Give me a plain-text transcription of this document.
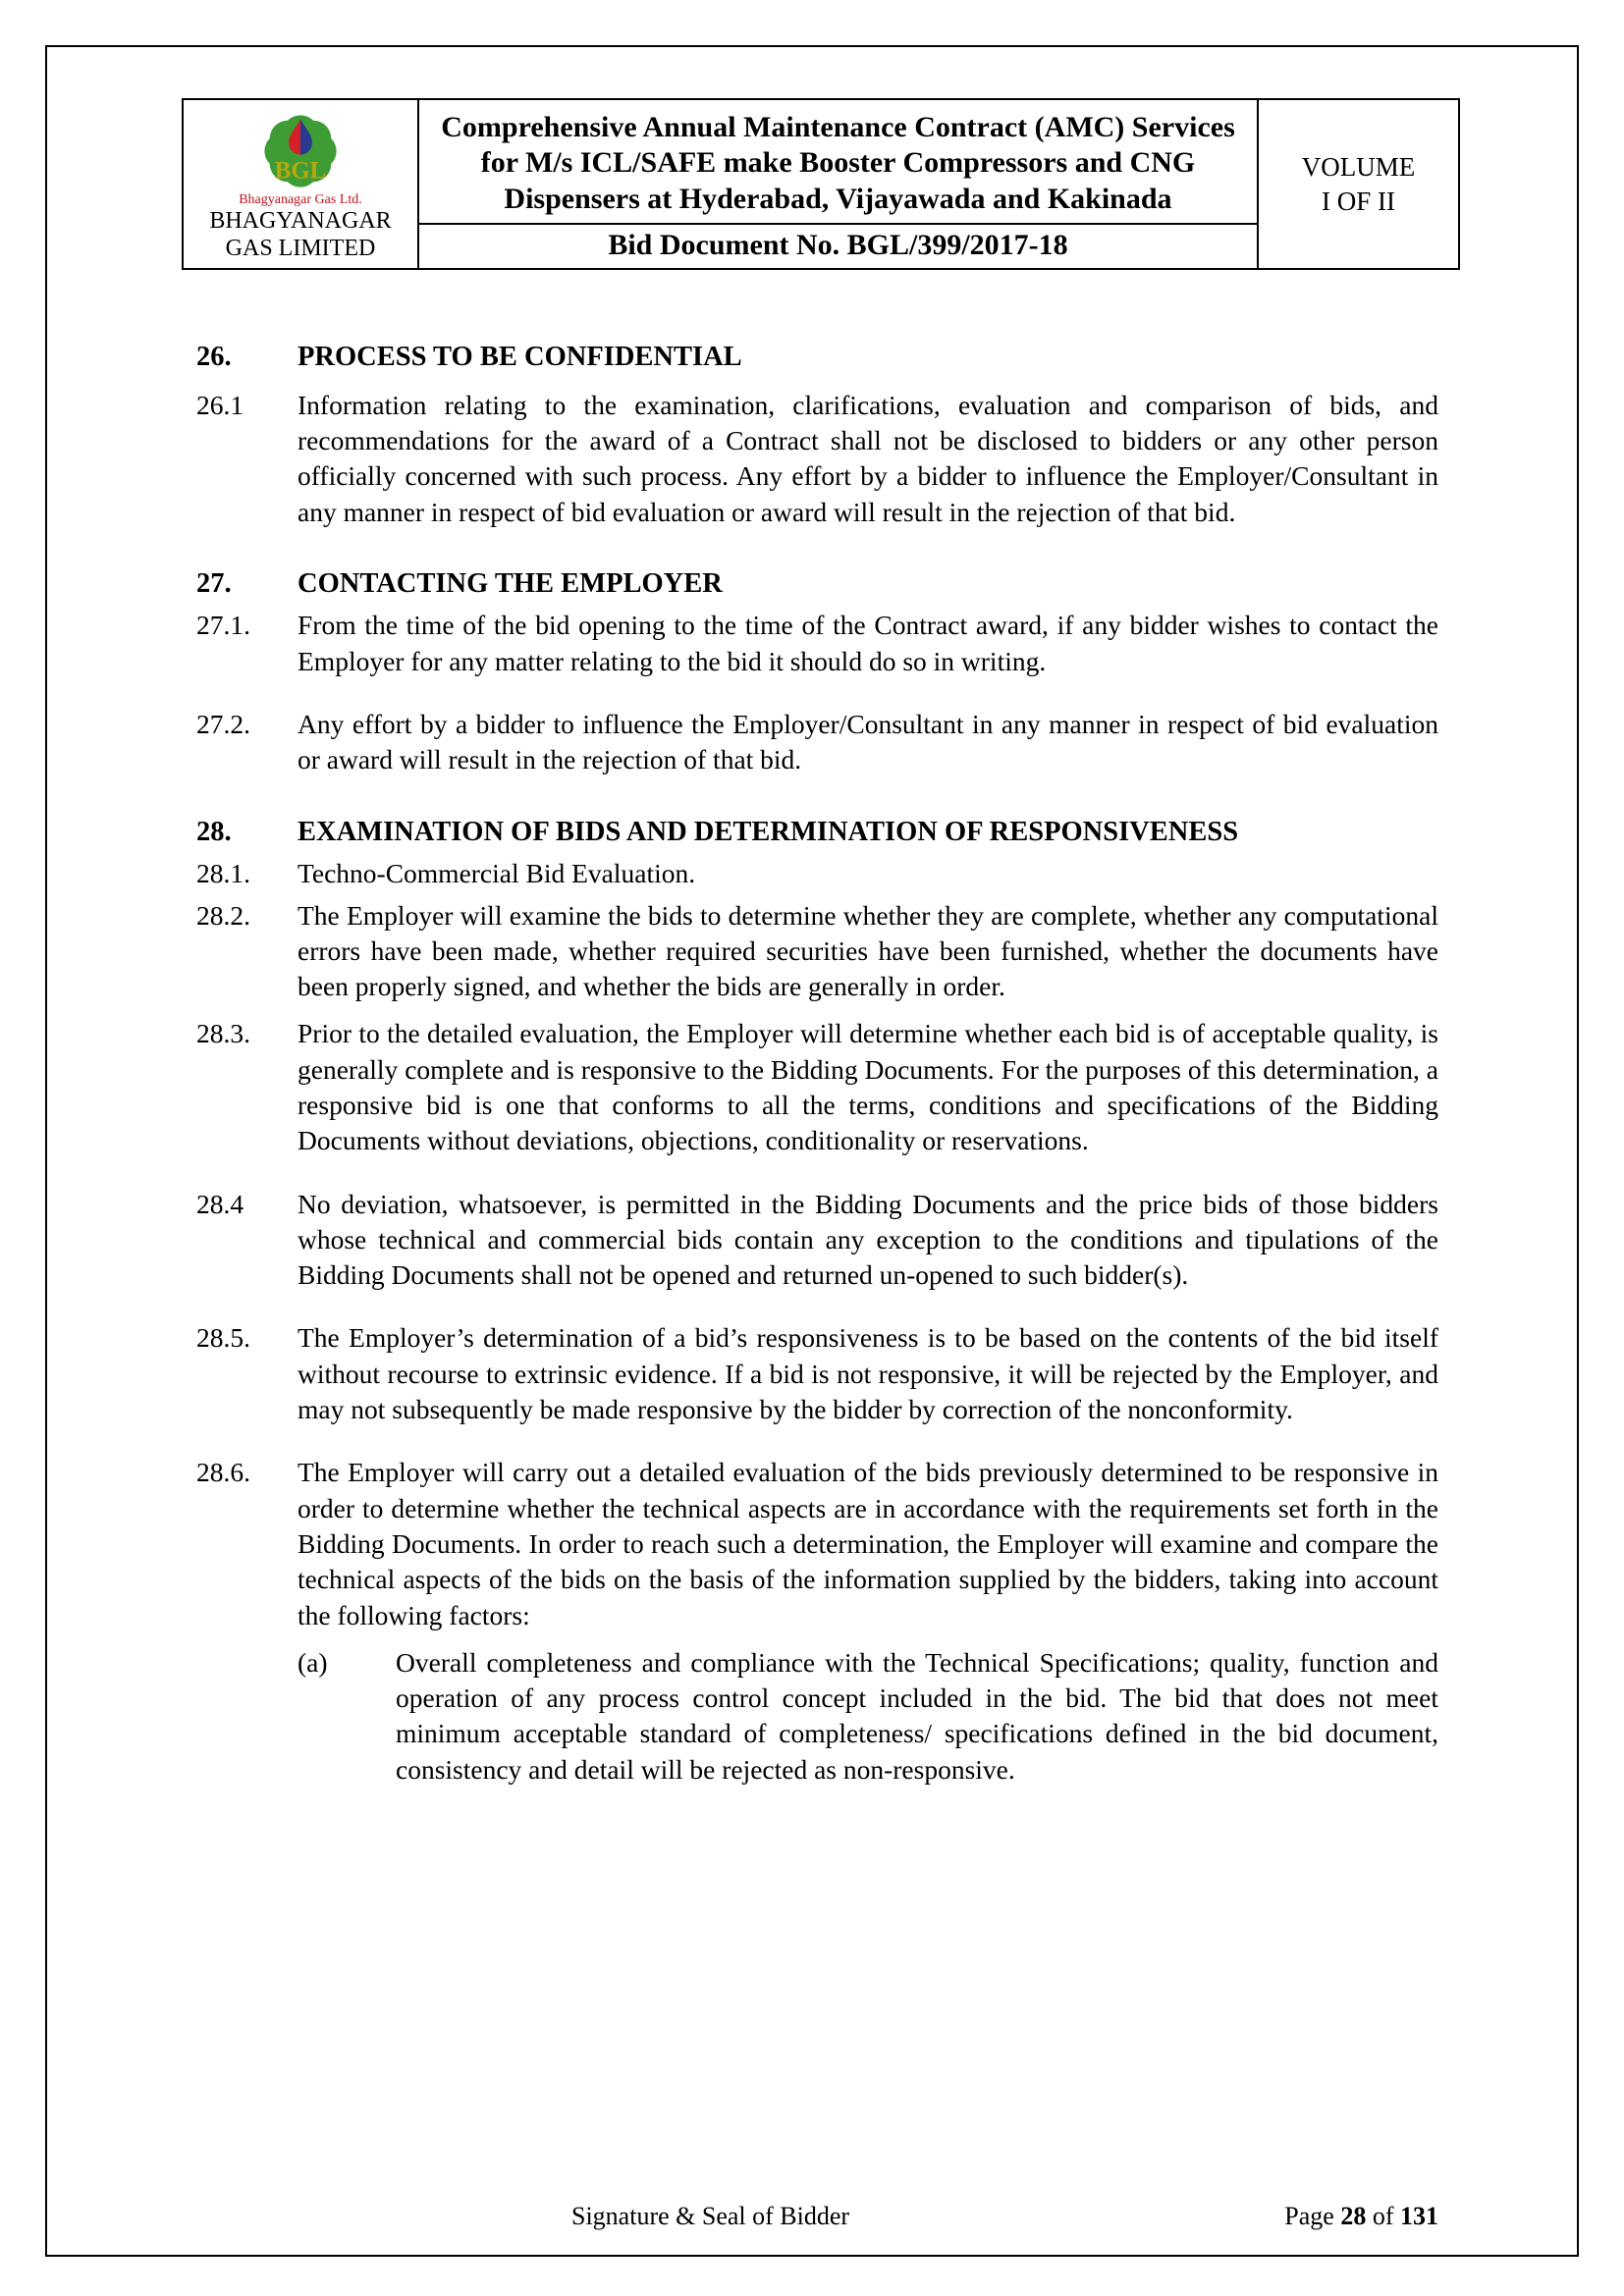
BGL
Bhagyanagar Gas Ltd.
BHAGYANAGAR
GAS LIMITED
Comprehensive Annual Maintenance Contract (AMC) Services for M/s ICL/SAFE make Booster Compressors and CNG Dispensers at Hyderabad, Vijayawada and Kakinada
Bid Document No. BGL/399/2017-18
VOLUME
I OF II
26.	PROCESS TO BE CONFIDENTIAL
26.1	Information relating to the examination, clarifications, evaluation and comparison of bids, and recommendations for the award of a Contract shall not be disclosed to bidders or any other person officially concerned with such process. Any effort by a bidder to influence the Employer/Consultant in any manner in respect of bid evaluation or award will result in the rejection of that bid.
27.	CONTACTING THE EMPLOYER
27.1.	From the time of the bid opening to the time of the Contract award, if any bidder wishes to contact the Employer for any matter relating to the bid it should do so in writing.
27.2.	Any effort by a bidder to influence the Employer/Consultant in any manner in respect of bid evaluation or award will result in the rejection of that bid.
28.	EXAMINATION OF BIDS AND DETERMINATION OF RESPONSIVENESS
28.1.	Techno-Commercial Bid Evaluation.
28.2.	The Employer will examine the bids to determine whether they are complete, whether any computational errors have been made, whether required securities have been furnished, whether the documents have been properly signed, and whether the bids are generally in order.
28.3.	Prior to the detailed evaluation, the Employer will determine whether each bid is of acceptable quality, is generally complete and is responsive to the Bidding Documents. For the purposes of this determination, a responsive bid is one that conforms to all the terms, conditions and specifications of the Bidding Documents without deviations, objections, conditionality or reservations.
28.4	No deviation, whatsoever, is permitted in the Bidding Documents and the price bids of those bidders whose technical and commercial bids contain any exception to the conditions and tipulations of the Bidding Documents shall not be opened and returned un-opened to such bidder(s).
28.5.	The Employer’s determination of a bid’s responsiveness is to be based on the contents of the bid itself without recourse to extrinsic evidence. If a bid is not responsive, it will be rejected by the Employer, and may not subsequently be made responsive by the bidder by correction of the nonconformity.
28.6.	The Employer will carry out a detailed evaluation of the bids previously determined to be responsive in order to determine whether the technical aspects are in accordance with the requirements set forth in the Bidding Documents. In order to reach such a determination, the Employer will examine and compare the technical aspects of the bids on the basis of the information supplied by the bidders, taking into account the following factors:
(a)	Overall completeness and compliance with the Technical Specifications; quality, function and operation of any process control concept included in the bid. The bid that does not meet minimum acceptable standard of completeness/ specifications defined in the bid document, consistency and detail will be rejected as non-responsive.
Signature & Seal of Bidder	Page 28 of 131
